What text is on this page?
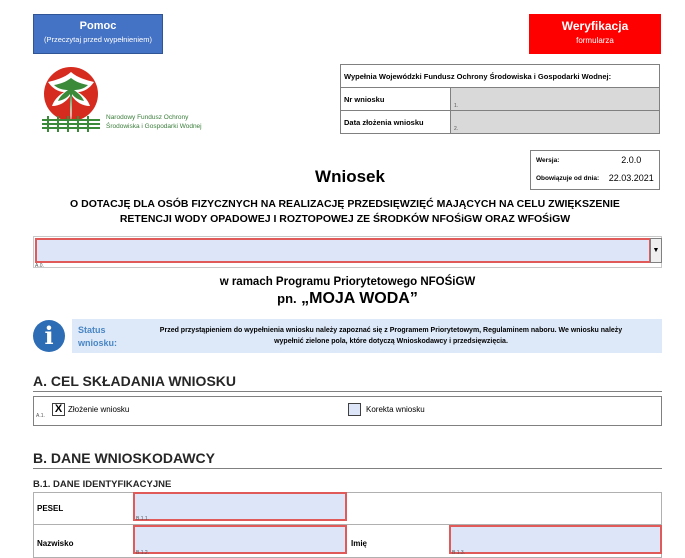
Pomoc
(Przeczytaj przed wypełnieniem)
Weryfikacja
formularza
Narodowy Fundusz Ochrony
Środowiska i Gospodarki Wodnej
Wypełnia Wojewódzki Fundusz Ochrony Środowiska i Gospodarki Wodnej:	
Nr wniosku	1.

Data złożenia wniosku	2.
Wersja:	2.0.0
Obowiązuje od dnia:	22.03.2021
Wniosek
O DOTACJĘ DLA OSÓB FIZYCZNYCH NA REALIZACJĘ PRZEDSIĘWZIĘĆ MAJĄCYCH NA CELU ZWIĘKSZENIE
RETENCJI WODY OPADOWEJ I ROZTOPOWEJ ZE ŚRODKÓW NFOŚiGW ORAZ WFOŚiGW
▼
A.0.
w ramach Programu Priorytetowego NFOŚiGW
pn. „MOJA WODA”
i	Status
wniosku:
Przed przystąpieniem do wypełnienia wniosku należy zapoznać się z Programem Priorytetowym, Regulaminem naboru. We wniosku należy
wypełnić zielone pola, które dotyczą Wnioskodawcy i przedsięwzięcia.
A. CEL SKŁADANIA WNIOSKU
A.1.
X Złożenie wniosku	Korekta wniosku
B. DANE WNIOSKODAWCY
B.1. DANE IDENTYFIKACYJNE
PESEL
B.1.1.
Nazwisko
B.1.2.
Imię
B.1.3.
